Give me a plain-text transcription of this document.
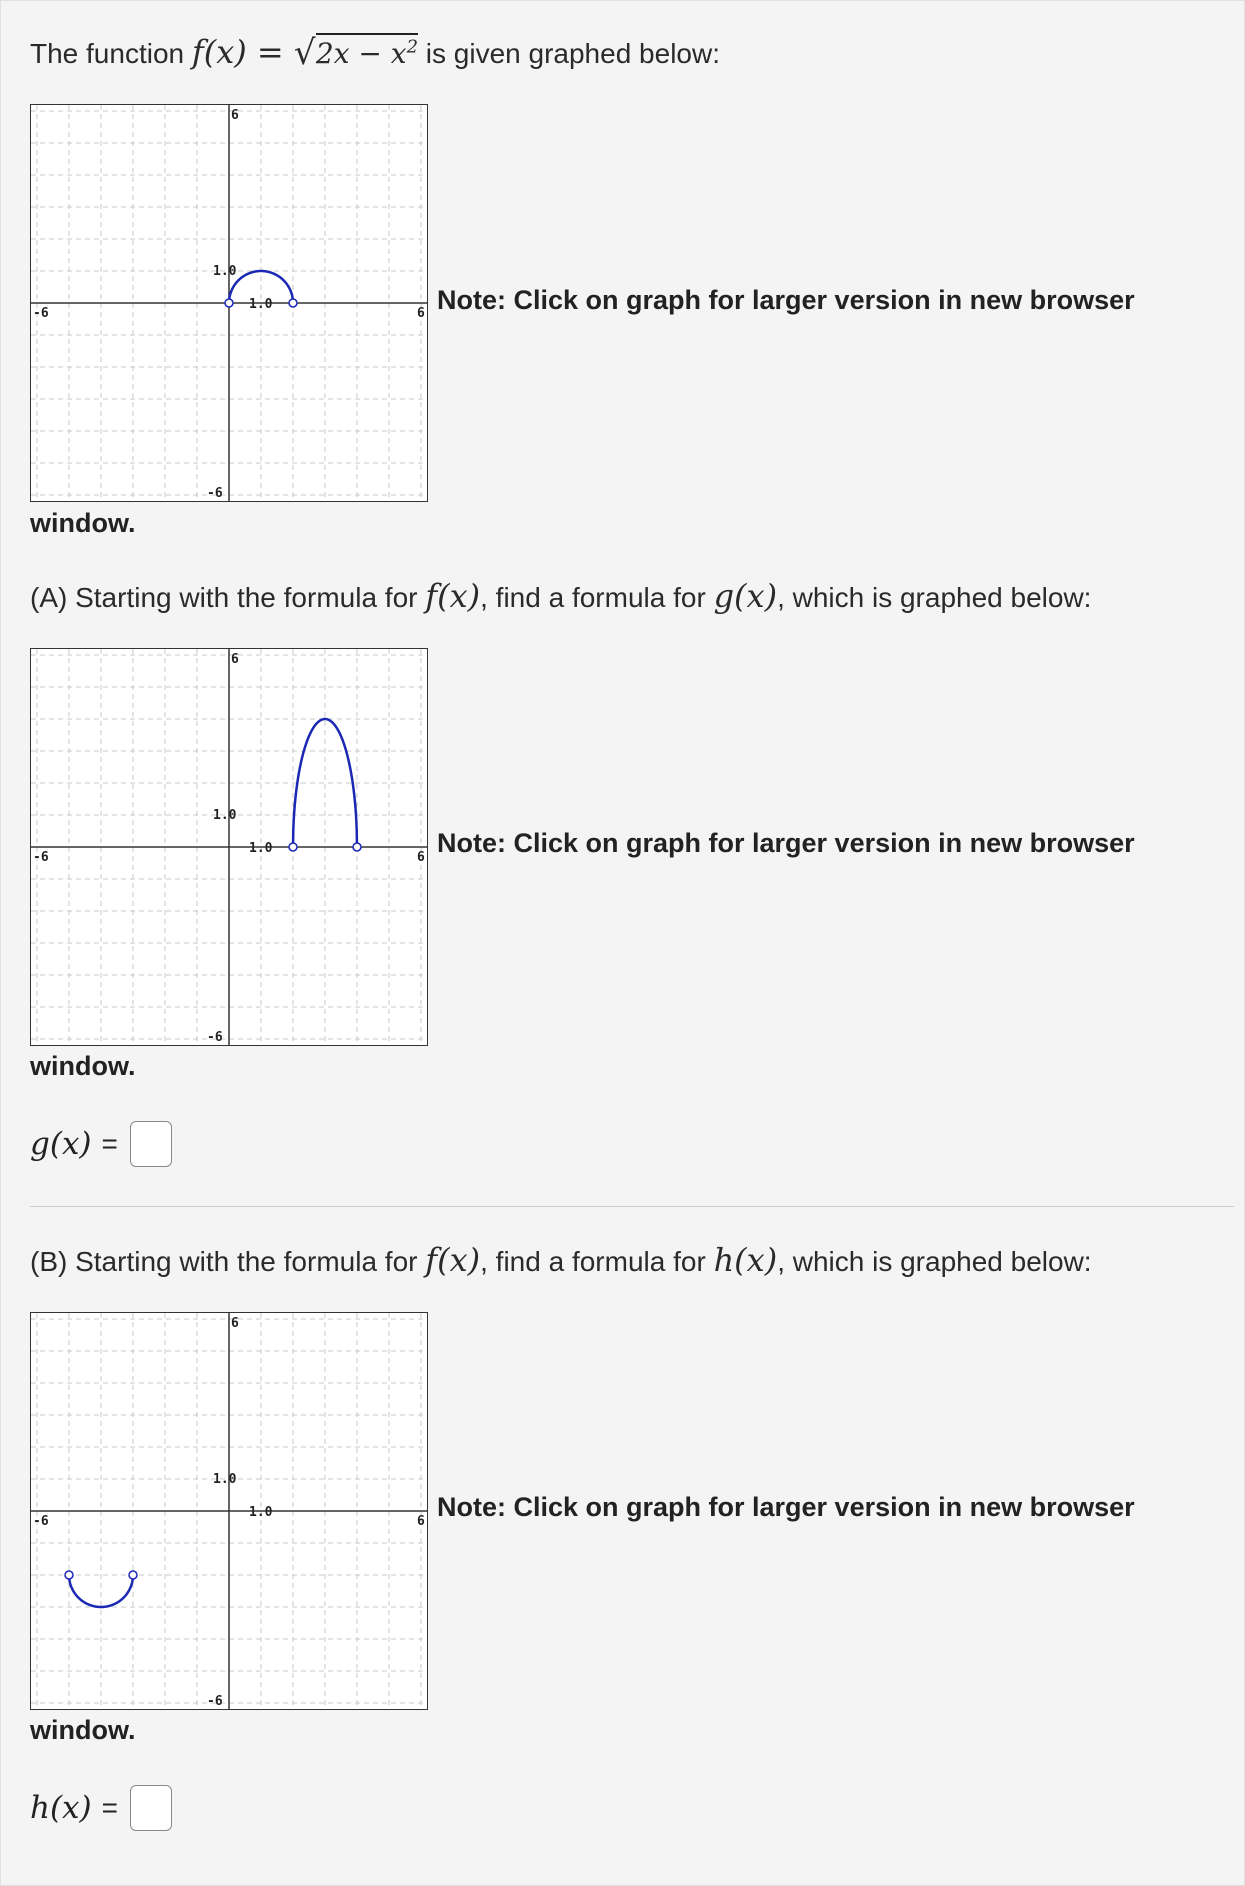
The function f(x) = √ $2x - x^2$ is given graphed below:
-6	6
6
-6
1.0
1.0	Note: Click on graph for larger version in new browser
window.
(A) Starting with the formula for f(x), find a formula for g(x), which is graphed below:
-6	6
6
-6
1.0
1.0	Note: Click on graph for larger version in new browser
window.
g(x) =
(B) Starting with the formula for f(x), find a formula for h(x), which is graphed below:
-6	6
6
-6
1.0
1.0	Note: Click on graph for larger version in new browser
window.
h(x) =
